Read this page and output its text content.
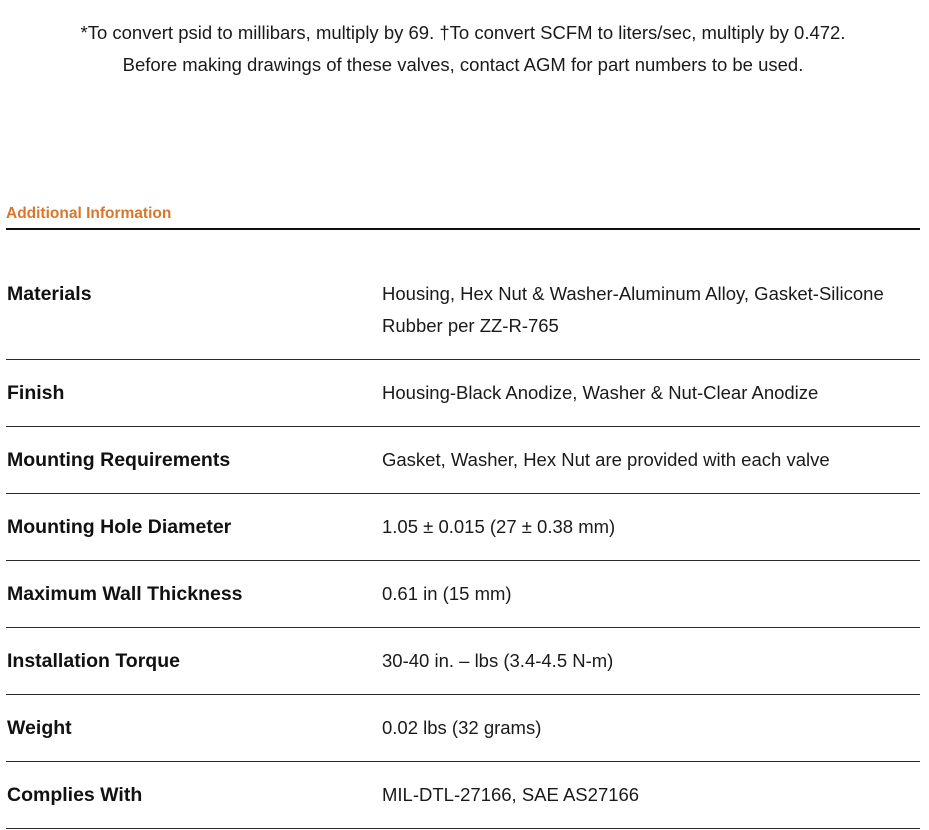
*To convert psid to millibars, multiply by 69. †To convert SCFM to liters/sec, multiply by 0.472.

Before making drawings of these valves, contact AGM for part numbers to be used.

Additional Information
Materials	Housing, Hex Nut & Washer-Aluminum Alloy, Gasket-Silicone Rubber per ZZ-R-765
Finish	Housing-Black Anodize, Washer & Nut-Clear Anodize
Mounting Requirements	Gasket, Washer, Hex Nut are provided with each valve
Mounting Hole Diameter	1.05 ± 0.015 (27 ± 0.38 mm)
Maximum Wall Thickness	0.61 in (15 mm)
Installation Torque	30-40 in. – lbs (3.4-4.5 N-m)
Weight	0.02 lbs (32 grams)
Complies With	MIL-DTL-27166, SAE AS27166
